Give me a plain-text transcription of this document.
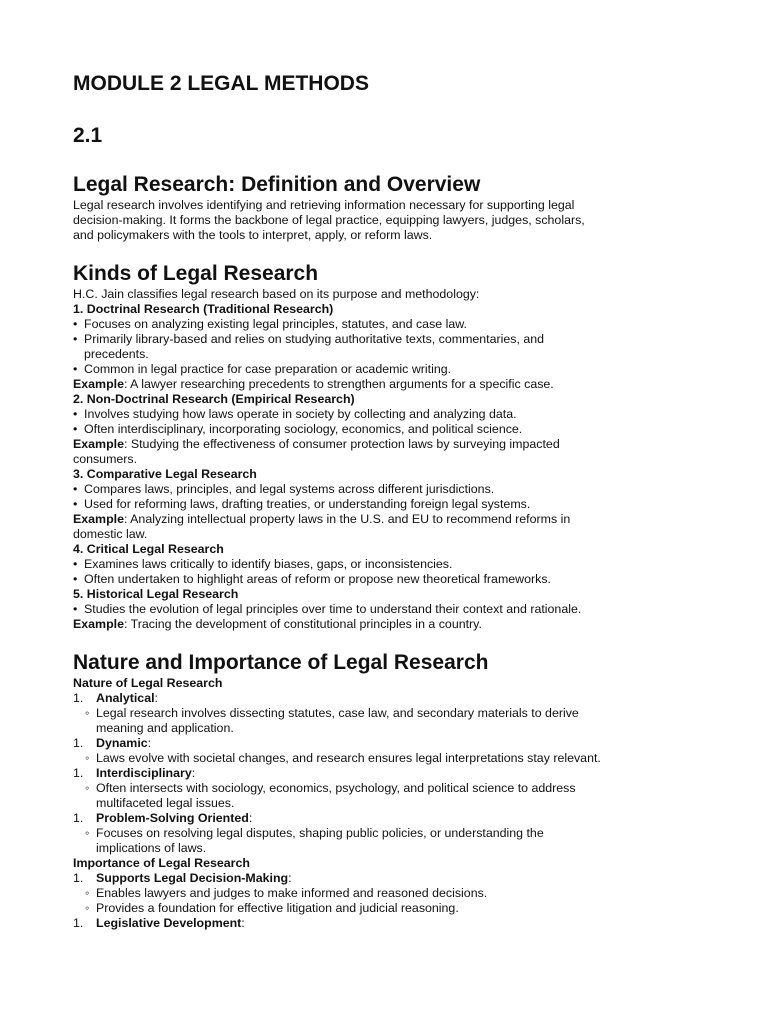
MODULE 2 LEGAL METHODS
2.1
Legal Research: Definition and Overview
Legal research involves identifying and retrieving information necessary for supporting legal
decision-making. It forms the backbone of legal practice, equipping lawyers, judges, scholars,
and policymakers with the tools to interpret, apply, or reform laws.
Kinds of Legal Research
H.C. Jain classifies legal research based on its purpose and methodology:
1. Doctrinal Research (Traditional Research)
• Focuses on analyzing existing legal principles, statutes, and case law.
• Primarily library-based and relies on studying authoritative texts, commentaries, and
precedents.
• Common in legal practice for case preparation or academic writing.
Example: A lawyer researching precedents to strengthen arguments for a specific case.
2. Non-Doctrinal Research (Empirical Research)
• Involves studying how laws operate in society by collecting and analyzing data.
• Often interdisciplinary, incorporating sociology, economics, and political science.
Example: Studying the effectiveness of consumer protection laws by surveying impacted
consumers.
3. Comparative Legal Research
• Compares laws, principles, and legal systems across different jurisdictions.
• Used for reforming laws, drafting treaties, or understanding foreign legal systems.
Example: Analyzing intellectual property laws in the U.S. and EU to recommend reforms in
domestic law.
4. Critical Legal Research
• Examines laws critically to identify biases, gaps, or inconsistencies.
• Often undertaken to highlight areas of reform or propose new theoretical frameworks.
5. Historical Legal Research
• Studies the evolution of legal principles over time to understand their context and rationale.
Example: Tracing the development of constitutional principles in a country.
Nature and Importance of Legal Research
Nature of Legal Research
1. Analytical:
◦ Legal research involves dissecting statutes, case law, and secondary materials to derive
meaning and application.
1. Dynamic:
◦ Laws evolve with societal changes, and research ensures legal interpretations stay relevant.
1. Interdisciplinary:
◦ Often intersects with sociology, economics, psychology, and political science to address
multifaceted legal issues.
1. Problem-Solving Oriented:
◦ Focuses on resolving legal disputes, shaping public policies, or understanding the
implications of laws.
Importance of Legal Research
1. Supports Legal Decision-Making:
◦ Enables lawyers and judges to make informed and reasoned decisions.
◦ Provides a foundation for effective litigation and judicial reasoning.
1. Legislative Development:
